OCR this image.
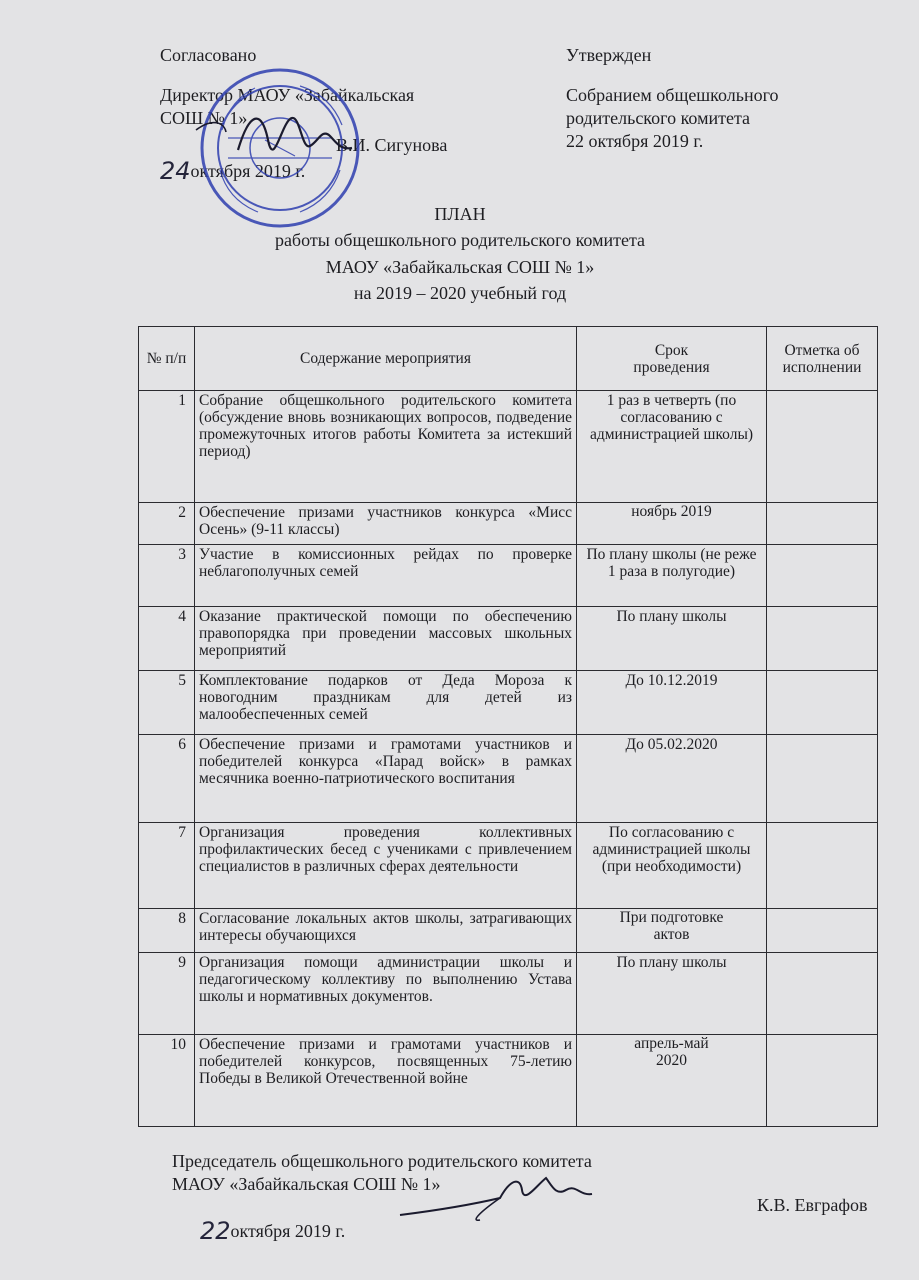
Согласовано
Директор МАОУ «Забайкальская
СОШ № 1»
В.И. Сигунова
24октября 2019 г.
Утвержден
Собранием общешкольного
родительского комитета
22 октября 2019 г.
ПЛАН
работы общешкольного родительского комитета
МАОУ «Забайкальская СОШ № 1»
на 2019 – 2020 учебный год
№ п/п	Содержание мероприятия	Срок проведения	Отметка об исполнении
1	Собрание общешкольного родительского комитета (обсуждение вновь возникающих вопросов, подведение промежуточных итогов работы Комитета за истекший период)	1 раз в четверть (по согласованию с администрацией школы)	
2	Обеспечение призами участников конкурса «Мисс Осень» (9-11 классы)	ноябрь 2019	
3	Участие в комиссионных рейдах по проверке неблагополучных семей	По плану школы (не реже 1 раза в полугодие)	
4	Оказание практической помощи по обеспечению правопорядка при проведении массовых школьных мероприятий	По плану школы	
5	Комплектование подарков от Деда Мороза к новогодним праздникам для детей из малообеспеченных семей	До 10.12.2019	
6	Обеспечение призами и грамотами участников и победителей конкурса «Парад войск» в рамках месячника военно-патриотического воспитания	До 05.02.2020	
7	Организация проведения коллективных профилактических бесед с учениками с привлечением специалистов в различных сферах деятельности	По согласованию с администрацией школы (при необходимости)	
8	Согласование локальных актов школы, затрагивающих интересы обучающихся	При подготовке актов	
9	Организация помощи администрации школы и педагогическому коллективу по выполнению Устава школы и нормативных документов.	По плану школы	
10	Обеспечение призами и грамотами участников и победителей конкурсов, посвященных 75-летию Победы в Великой Отечественной войне	апрель-май 2020	
Председатель общешкольного родительского комитета
МАОУ «Забайкальская СОШ № 1»
К.В. Евграфов
22октября 2019 г.
